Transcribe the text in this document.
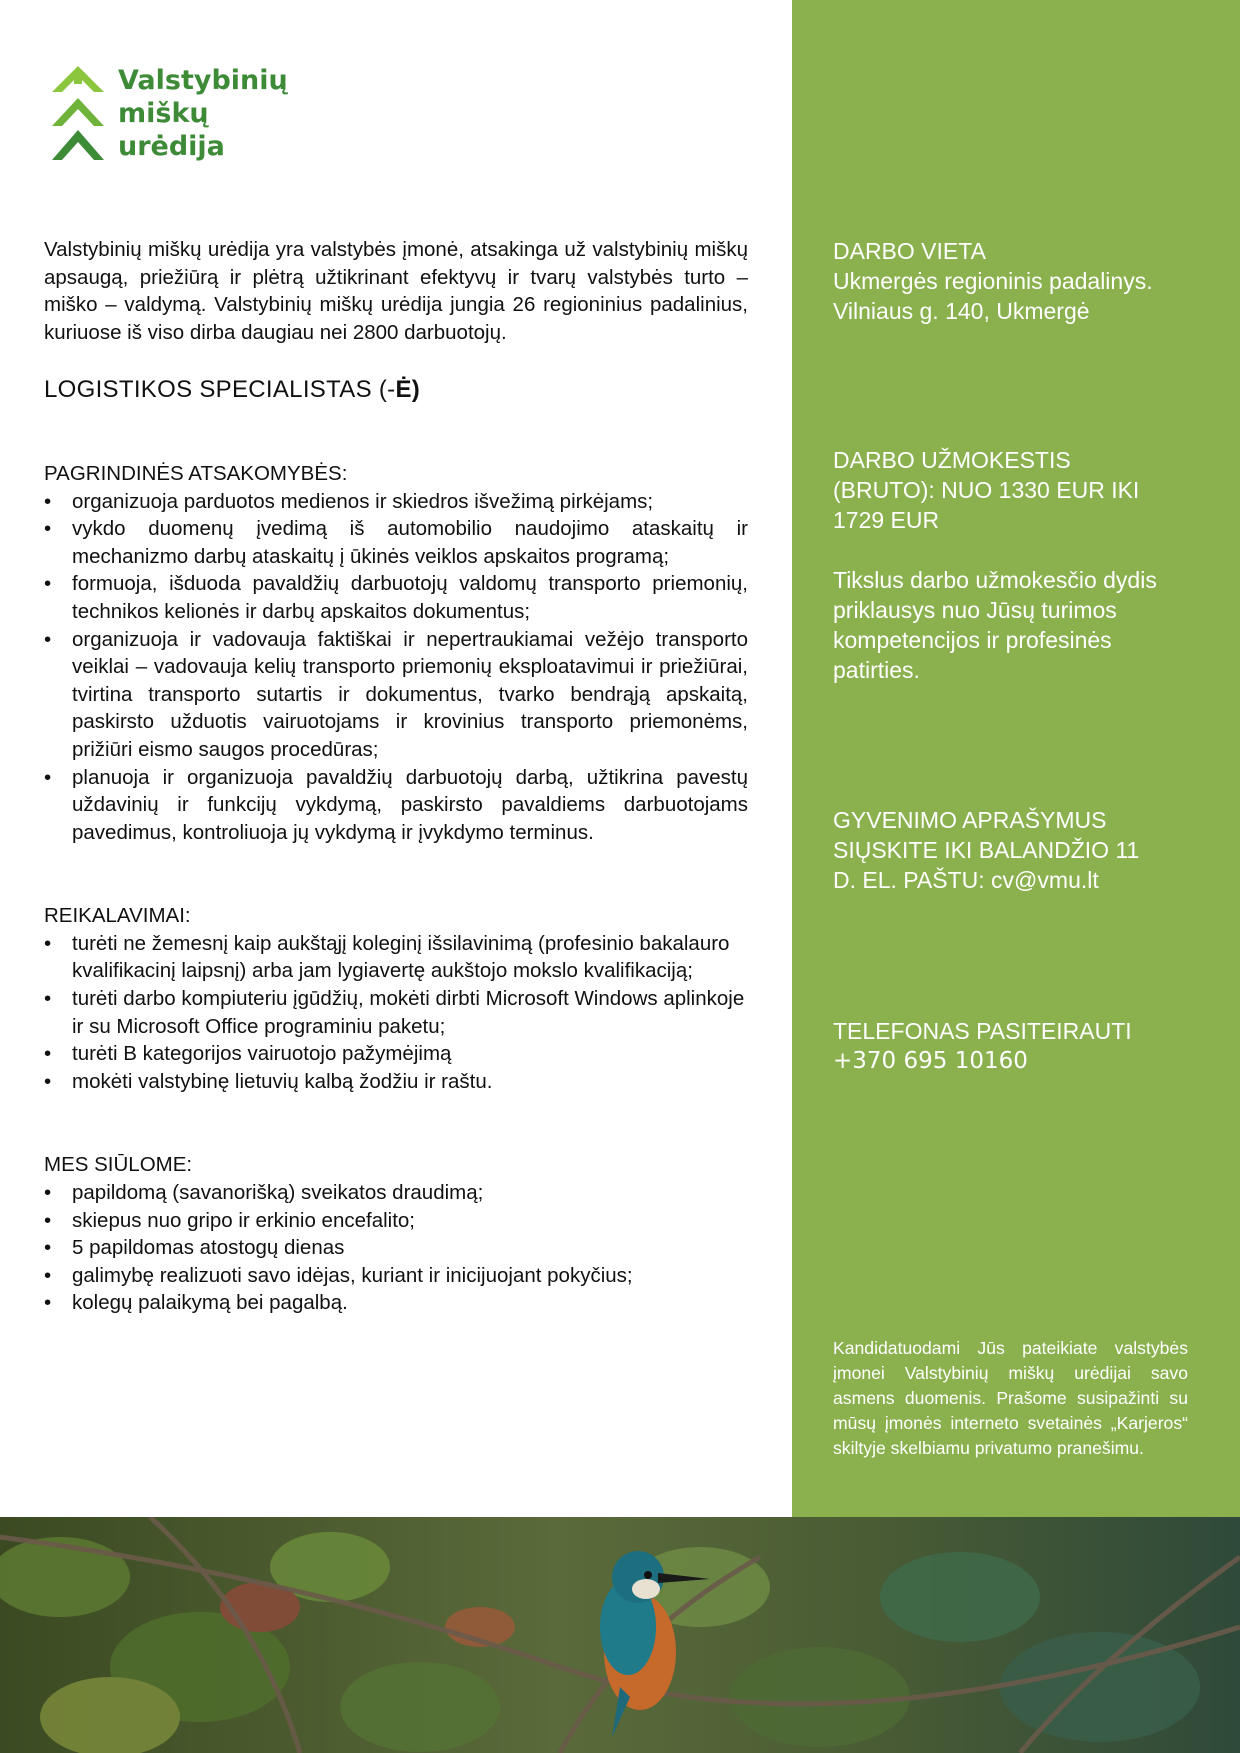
Valstybinių
miškų
urėdija

Valstybinių miškų urėdija yra valstybės įmonė, atsakinga už valstybinių miškų apsaugą, priežiūrą ir plėtrą užtikrinant efektyvų ir tvarų valstybės turto – miško – valdymą. Valstybinių miškų urėdija jungia 26 regioninius padalinius, kuriuose iš viso dirba daugiau nei 2800 darbuotojų.

LOGISTIKOS SPECIALISTAS (-Ė)
PAGRINDINĖS ATSAKOMYBĖS:
• organizuoja parduotos medienos ir skiedros išvežimą pirkėjams;
• vykdo duomenų įvedimą iš automobilio naudojimo ataskaitų ir mechanizmo darbų ataskaitų į ūkinės veiklos apskaitos programą;
• formuoja, išduoda pavaldžių darbuotojų valdomų transporto priemonių, technikos kelionės ir darbų apskaitos dokumentus;
• organizuoja ir vadovauja faktiškai ir nepertraukiamai vežėjo transporto veiklai – vadovauja kelių transporto priemonių eksploatavimui ir priežiūrai, tvirtina transporto sutartis ir dokumentus, tvarko bendrąją apskaitą, paskirsto užduotis vairuotojams ir krovinius transporto priemonėms, prižiūri eismo saugos procedūras;
• planuoja ir organizuoja pavaldžių darbuotojų darbą, užtikrina pavestų uždavinių ir funkcijų vykdymą, paskirsto pavaldiems darbuotojams pavedimus, kontroliuoja jų vykdymą ir įvykdymo terminus.
REIKALAVIMAI:
• turėti ne žemesnį kaip aukštąjį koleginį išsilavinimą (profesinio bakalauro kvalifikacinį laipsnį) arba jam lygiavertę aukštojo mokslo kvalifikaciją;
• turėti darbo kompiuteriu įgūdžių, mokėti dirbti Microsoft Windows aplinkoje ir su Microsoft Office programiniu paketu;
• turėti B kategorijos vairuotojo pažymėjimą
• mokėti valstybinę lietuvių kalbą žodžiu ir raštu.
MES SIŪLOME:
• papildomą (savanorišką) sveikatos draudimą;
• skiepus nuo gripo ir erkinio encefalito;
• 5 papildomas atostogų dienas
• galimybę realizuoti savo idėjas, kuriant ir inicijuojant pokyčius;
• kolegų palaikymą bei pagalbą.
DARBO VIETA
Ukmergės regioninis padalinys.
Vilniaus g. 140, Ukmergė
DARBO UŽMOKESTIS
(BRUTO): NUO 1330 EUR IKI
1729 EUR
Tikslus darbo užmokesčio dydis
priklausys nuo Jūsų turimos
kompetencijos ir profesinės
patirties.
GYVENIMO APRAŠYMUS
SIŲSKITE IKI BALANDŽIO 11
D. EL. PAŠTU: cv@vmu.lt
TELEFONAS PASITEIRAUTI
+370 695 10160
Kandidatuodami Jūs pateikiate valstybės įmonei Valstybinių miškų urėdijai savo asmens duomenis. Prašome susipažinti su mūsų įmonės interneto svetainės „Karjeros“ skiltyje skelbiamu privatumo pranešimu.
